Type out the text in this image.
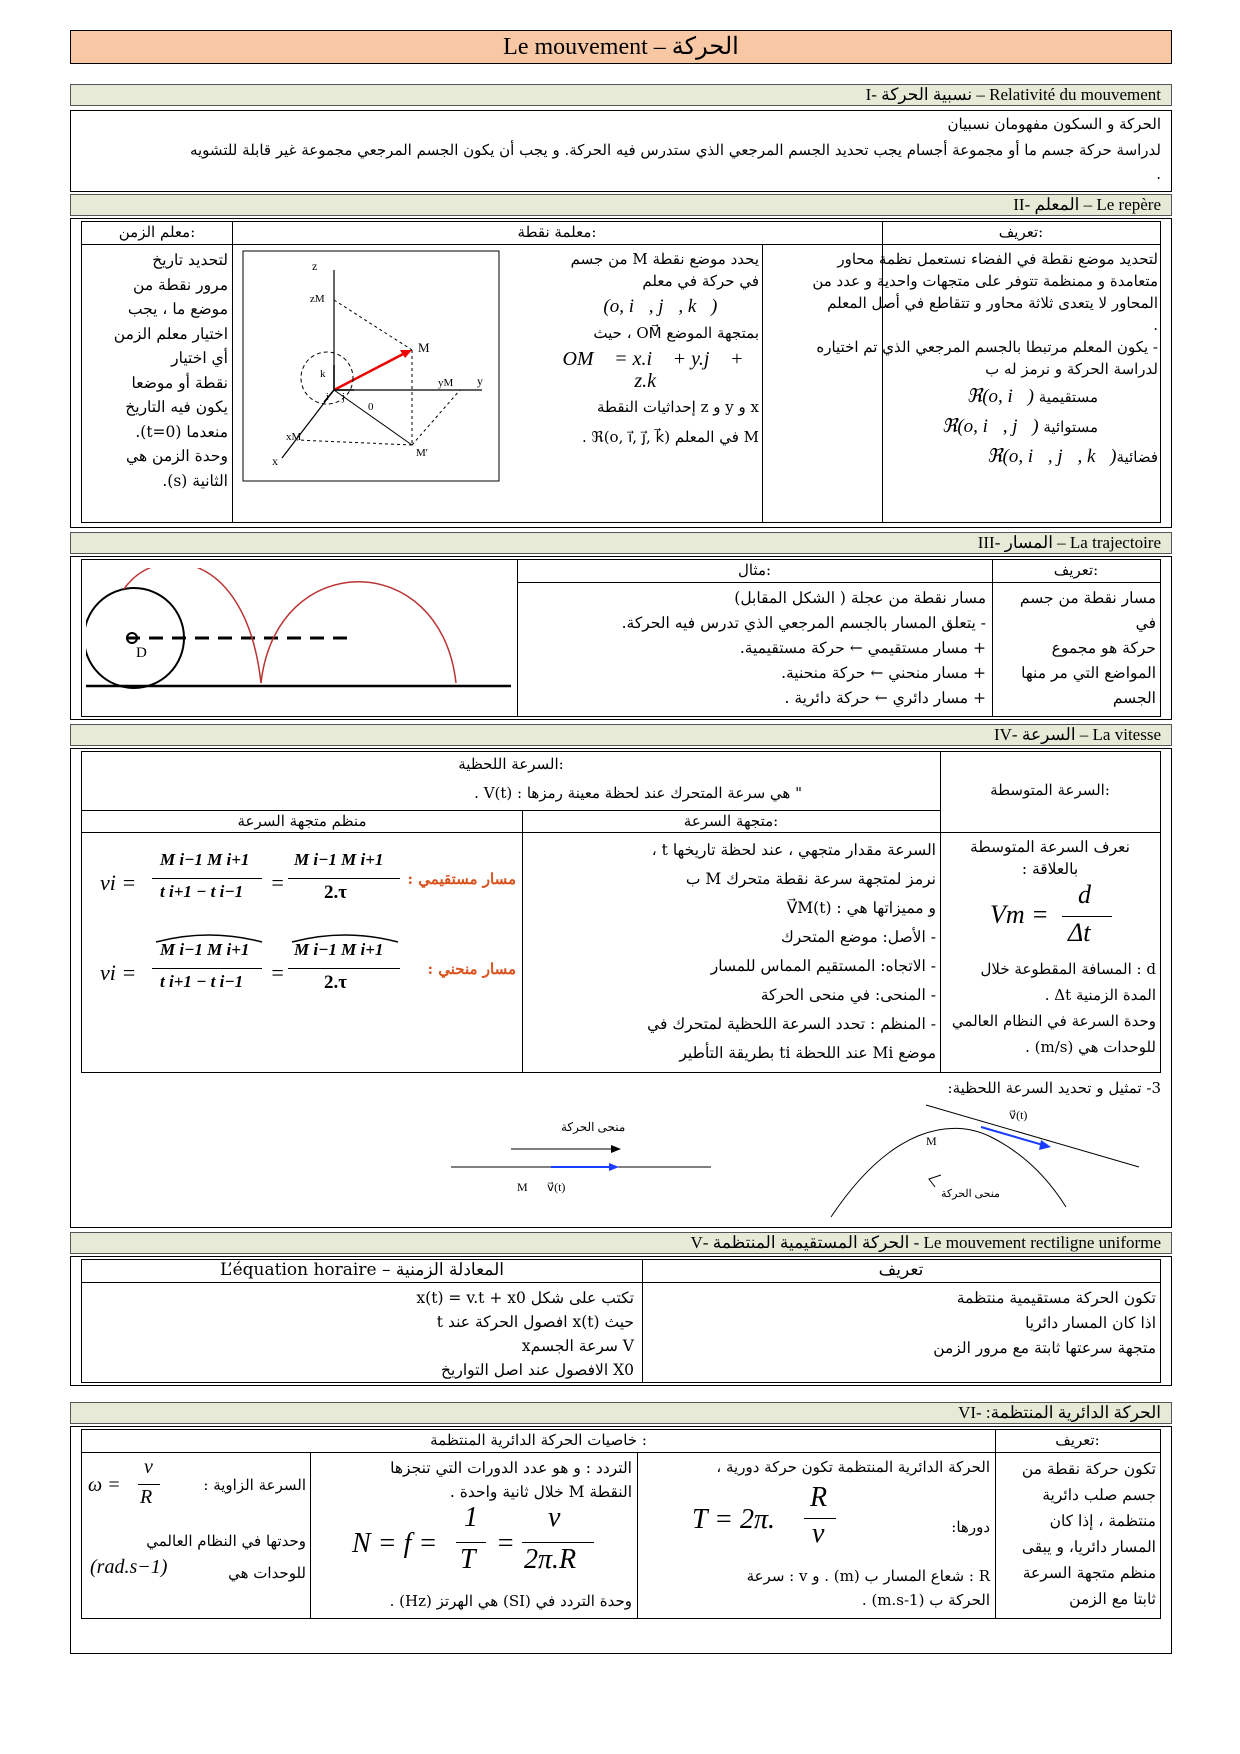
Le mouvement – الحركة
Relativité du mouvement – نسبية الحركة -I
الحركة و السكون مفهومان نسبيان
لدراسة حركة جسم ما أو مجموعة أجسام يجب تحديد الجسم المرجعي الذي ستدرس فيه الحركة. و يجب أن يكون الجسم المرجعي مجموعة غير قابلة للتشويه
.
Le repère – المعلم -II
تعريف:
معلمة نقطة:
معلم الزمن:
لتحديد موضع نقطة في الفضاء نستعمل نظمة محاور
متعامدة و ممنظمة تتوفر على متجهات واحدية و عدد من
المحاور لا يتعدى ثلاثة محاور و تتقاطع في أصل المعلم
.
- يكون المعلم مرتبطا بالجسم المرجعي الذي تم اختياره
لدراسة الحركة و نرمز له ب
مستقيمية ℜ(o, i⃗)
مستوائية ℜ(o, i⃗, j⃗)
فضائيةℜ(o, i⃗, j⃗, k⃗)
يحدد موضع نقطة M من جسم
في حركة في معلم
ℜ(o, i⃗, j⃗, k⃗)
بمتجهة الموضع OM⃗ ، حيث
OM⃗ = x.i⃗ + y.j⃗ + z.k⃗
x و y و z إحداثيات النقطة
M في المعلم ℜ(o, i⃗, j⃗, k⃗) .
z
zM
y
yM
x
xM
M
M'
k
i j
0
لتحديد تاريخ
مرور نقطة من
موضع ما ، يجب
اختيار معلم الزمن
أي اختيار
نقطة أو موضعا
يكون فيه التاريخ
منعدما (t=0).
وحدة الزمن هي
الثانية (s).
La trajectoire – المسار -III
تعريف:
مثال:
مسار نقطة من جسم في
حركة هو مجموع
المواضع التي مر منها
الجسم
مسار نقطة من عجلة ( الشكل المقابل)
- يتعلق المسار بالجسم المرجعي الذي تدرس فيه الحركة.
+ مسار مستقيمي ← حركة مستقيمية.
+ مسار منحني ← حركة منحنية.
+ مسار دائري ← حركة دائرية .
D
La vitesse – السرعة -IV
السرعة المتوسطة:
السرعة اللحظية:
" هي سرعة المتحرك عند لحظة معينة رمزها : V(t) .
متجهة السرعة:
منظم متجهة السرعة
نعرف السرعة المتوسطة
بالعلاقة :
Vm =
d
Δt
d : المسافة المقطوعة خلال
المدة الزمنية Δt .
وحدة السرعة في النظام العالمي
للوحدات هي (m/s) .
السرعة مقدار متجهي ، عند لحظة تاريخها t ،
نرمز لمتجهة سرعة نقطة متحرك M ب
و مميزاتها هي : V⃗M(t)
- الأصل: موضع المتحرك
- الاتجاه: المستقيم المماس للمسار
- المنحى: في منحى الحركة
- المنظم : تحدد السرعة اللحظية لمتحرك في
موضع Mi عند اللحظة ti بطريقة التأطير
vi =
M i−1 M i+1
t i+1 − t i−1 =
M i−1 M i+1
2.τ
مسار مستقيمي :
vi =
M i−1 M i+1
t i+1 − t i−1 =
M i−1 M i+1
2.τ
مسار منحني :
3- تمثيل و تحديد السرعة اللحظية:
منحى الحركة
M v⃗(t)
v⃗(t)
M
منحى الحركة
Le mouvement rectiligne uniforme - الحركة المستقيمية المنتظمة -V
تعريف
L’équation horaire – المعادلة الزمنية
تكون الحركة مستقيمية منتظمة
اذا كان المسار دائريا
متجهة سرعتها ثابتة مع مرور الزمن
تكتب على شكل x(t) = v.t + x0
حيث x(t) افصول الحركة عند t
V سرعة الجسمx
X0 الافصول عند اصل التواريخ
الحركة الدائرية المنتظمة: -VI
تعريف:
خاصيات الحركة الدائرية المنتظمة :
تكون حركة نقطة من
جسم صلب دائرية
منتظمة ، إذا كان
المسار دائريا، و يبقى
منظم متجهة السرعة
ثابتا مع الزمن
الحركة الدائرية المنتظمة تكون حركة دورية ،
دورها:
T = 2π.
R
v
R : شعاع المسار ب (m) . و v : سرعة
الحركة ب (m.s-1) .
التردد : و هو عدد الدورات التي تنجزها
النقطة M خلال ثانية واحدة .
N = f =
1
T
=
v
2π.R
وحدة التردد في (SI) هي الهرتز (Hz) .
السرعة الزاوية :
ω =
v
R
وحدتها في النظام العالمي
للوحدات هي
(rad.s−1)
